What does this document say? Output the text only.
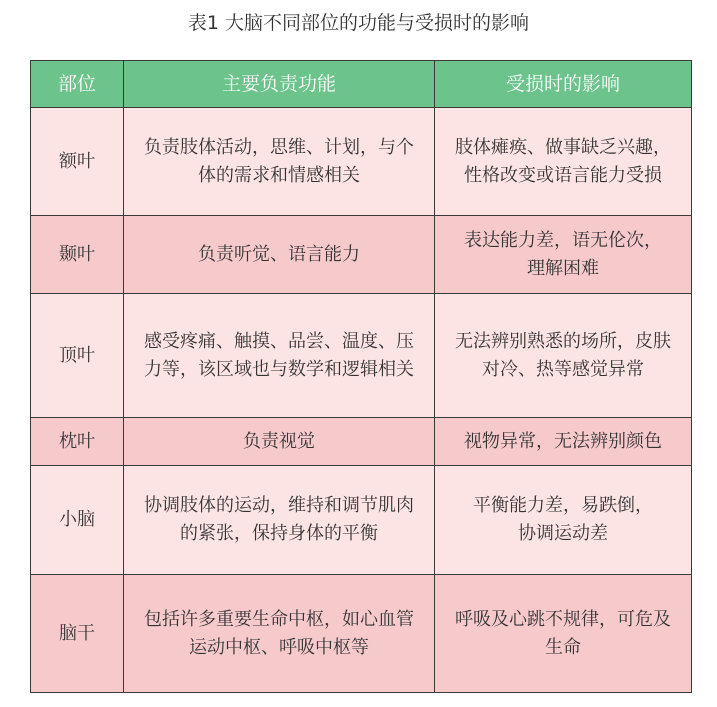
表1 大脑不同部位的功能与受损时的影响
部位	主要负责功能	受损时的影响
额叶	负责肢体活动，思维、计划，与个体的需求和情感相关	肢体瘫痪、做事缺乏兴趣，性格改变或语言能力受损
颞叶	负责听觉、语言能力	表达能力差，语无伦次，理解困难
顶叶	感受疼痛、触摸、品尝、温度、压力等，该区域也与数学和逻辑相关	无法辨别熟悉的场所，皮肤对冷、热等感觉异常
枕叶	负责视觉	视物异常，无法辨别颜色
小脑	协调肢体的运动，维持和调节肌肉的紧张，保持身体的平衡	平衡能力差，易跌倒，协调运动差
脑干	包括许多重要生命中枢，如心血管运动中枢、呼吸中枢等	呼吸及心跳不规律，可危及生命
